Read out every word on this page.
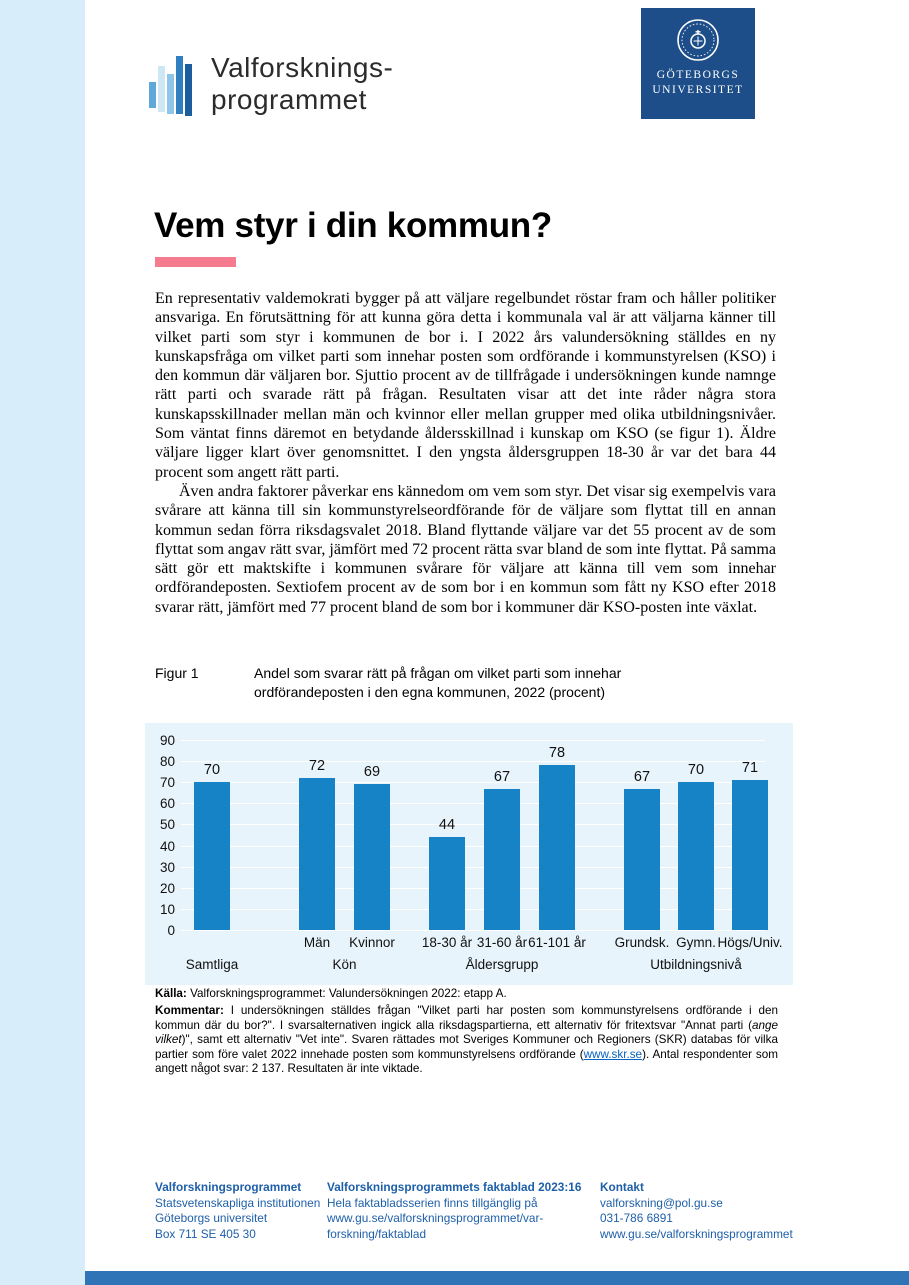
Valforsknings-
programmet
GÖTEBORGS
UNIVERSITET
Vem styr i din kommun?

En representativ valdemokrati bygger på att väljare regelbundet röstar fram och håller politiker ansvariga. En förutsättning för att kunna göra detta i kommunala val är att väljarna känner till vilket parti som styr i kommunen de bor i. I 2022 års valundersökning ställdes en ny kunskapsfråga om vilket parti som innehar posten som ordförande i kommunstyrelsen (KSO) i den kommun där väljaren bor. Sjuttio procent av de tillfrågade i undersökningen kunde namnge rätt parti och svarade rätt på frågan. Resultaten visar att det inte råder några stora kunskapsskillnader mellan män och kvinnor eller mellan grupper med olika utbildningsnivåer. Som väntat finns däremot en betydande åldersskillnad i kunskap om KSO (se figur 1). Äldre väljare ligger klart över genomsnittet. I den yngsta åldersgruppen 18-30 år var det bara 44 procent som angett rätt parti.

Även andra faktorer påverkar ens kännedom om vem som styr. Det visar sig exempelvis vara svårare att känna till sin kommunstyrelseordförande för de väljare som flyttat till en annan kommun sedan förra riksdagsvalet 2018. Bland flyttande väljare var det 55 procent av de som flyttat som angav rätt svar, jämfört med 72 procent rätta svar bland de som inte flyttat. På samma sätt gör ett maktskifte i kommunen svårare för väljare att känna till vem som innehar ordförandeposten. Sextiofem procent av de som bor i en kommun som fått ny KSO efter 2018 svarar rätt, jämfört med 77 procent bland de som bor i kommuner där KSO-posten inte växlat.

Figur 1	Andel som svarar rätt på frågan om vilket parti som innehar ordförandeposten i den egna kommunen, 2022 (procent)
0
10
20
30
40
50
60
70
80
90
70	72	69
44
67
78
67	70	71
Män	Kvinnor	18-30 år 31-60 år 61-101 år	Grundsk. Gymn. Högs/Univ.
Samtliga	Kön	Åldersgrupp	Utbildningsnivå
Källa: Valforskningsprogrammet: Valundersökningen 2022: etapp A.
Kommentar: I undersökningen ställdes frågan "Vilket parti har posten som kommunstyrelsens ordförande i den kommun där du bor?". I svarsalternativen ingick alla riksdagspartierna, ett alternativ för fritextsvar "Annat parti (ange vilket)", samt ett alternativ "Vet inte". Svaren rättades mot Sveriges Kommuner och Regioners (SKR) databas för vilka partier som före valet 2022 innehade posten som kommunstyrelsens ordförande (www.skr.se). Antal respondenter som angett något svar: 2 137. Resultaten är inte viktade.
Valforskningsprogrammet
Statsvetenskapliga institutionen
Göteborgs universitet
Box 711 SE 405 30
Valforskningsprogrammets faktablad 2023:16
Hela faktabladsserien finns tillgänglig på
www.gu.se/valforskningsprogrammet/var-
forskning/faktablad
Kontakt
valforskning@pol.gu.se
031-786 6891
www.gu.se/valforskningsprogrammet
